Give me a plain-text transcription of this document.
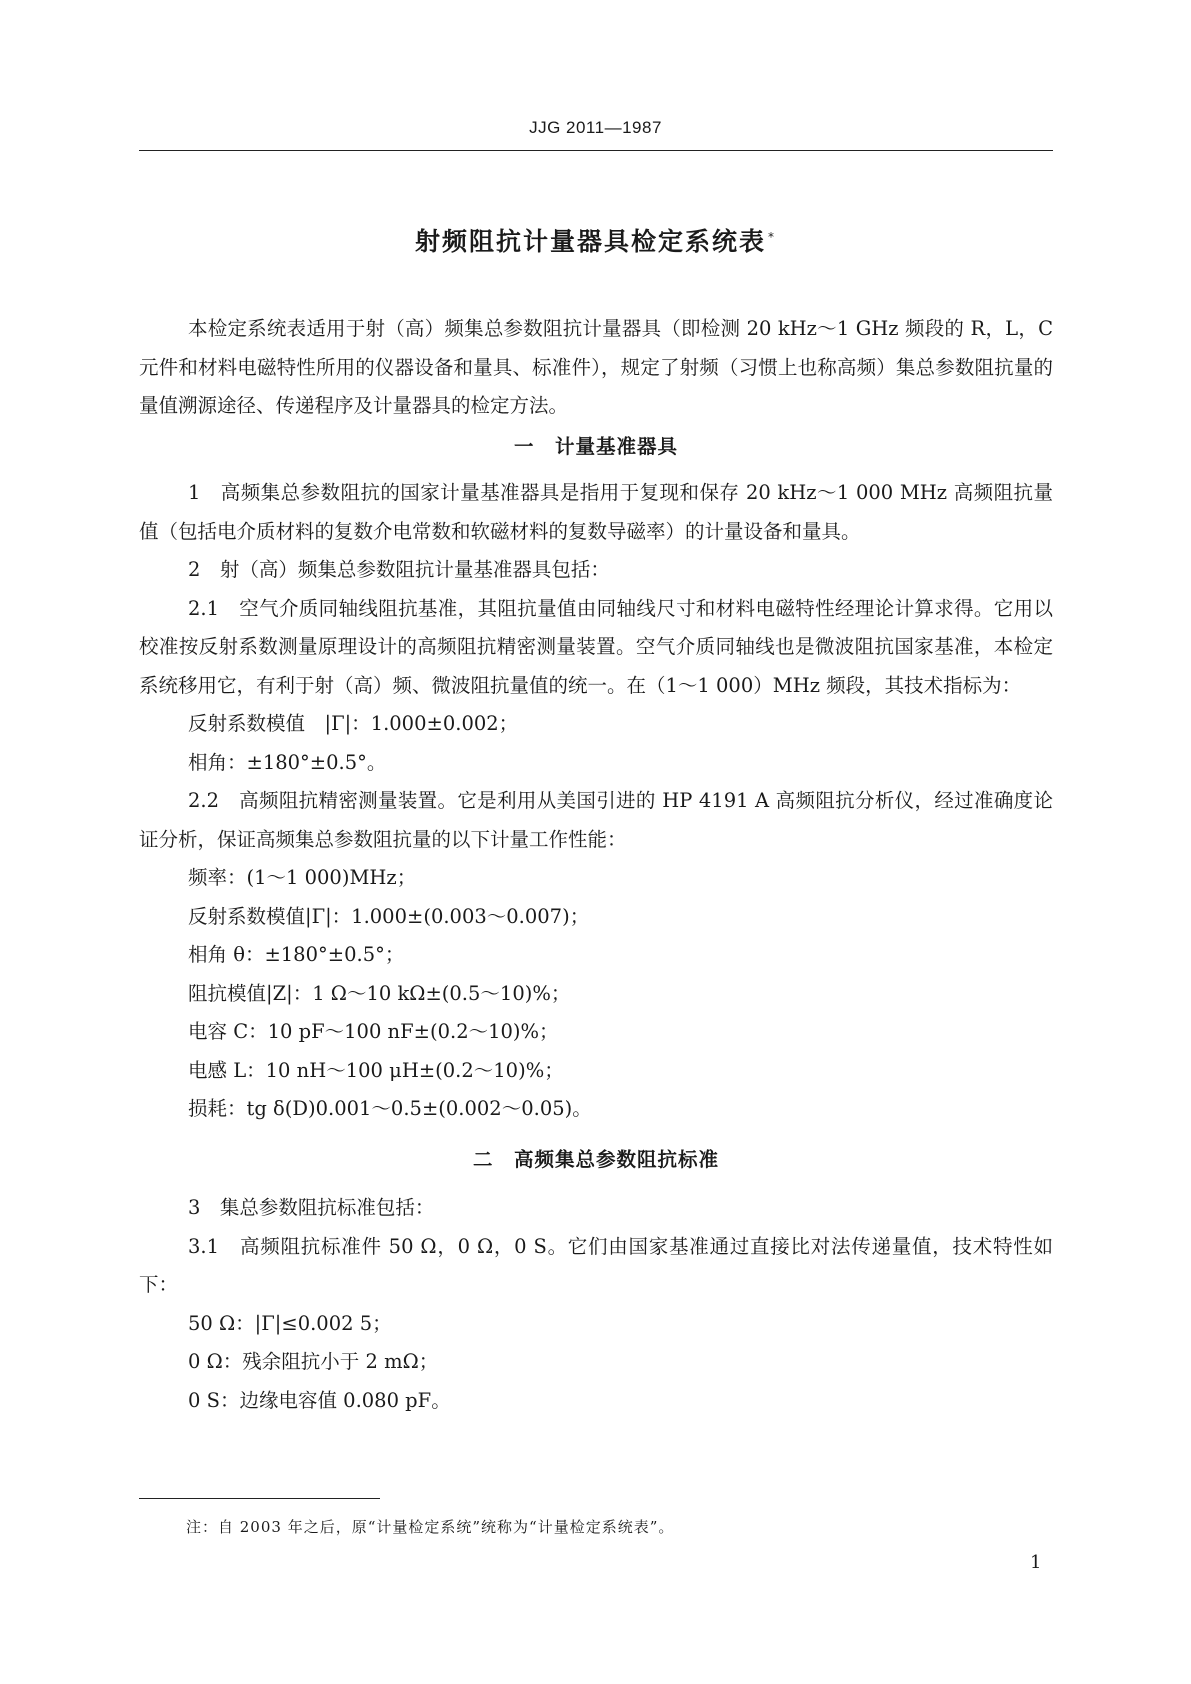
JJG 2011—1987
射频阻抗计量器具检定系统表 *

本检定系统表适用于射（高）频集总参数阻抗计量器具（即检测 20 kHz～1 GHz 频段的 R，L，C 元件和材料电磁特性所用的仪器设备和量具、标准件），规定了射频（习惯上也称高频）集总参数阻抗量的量值溯源途径、传递程序及计量器具的检定方法。

一　计量基准器具

1　高频集总参数阻抗的国家计量基准器具是指用于复现和保存 20 kHz～1 000 MHz 高频阻抗量值（包括电介质材料的复数介电常数和软磁材料的复数导磁率）的计量设备和量具。

2　射（高）频集总参数阻抗计量基准器具包括：

2.1　空气介质同轴线阻抗基准，其阻抗量值由同轴线尺寸和材料电磁特性经理论计算求得。它用以校准按反射系数测量原理设计的高频阻抗精密测量装置。空气介质同轴线也是微波阻抗国家基准，本检定系统移用它，有利于射（高）频、微波阻抗量值的统一。在（1～1 000）MHz 频段，其技术指标为：

反射系数模值　|Γ|：1.000±0.002；

相角：±180°±0.5°。

2.2　高频阻抗精密测量装置。它是利用从美国引进的 HP 4191 A 高频阻抗分析仪，经过准确度论证分析，保证高频集总参数阻抗量的以下计量工作性能：

频率：(1～1 000)MHz；

反射系数模值|Γ|：1.000±(0.003～0.007)；

相角 θ：±180°±0.5°；

阻抗模值|Z|：1 Ω～10 kΩ±(0.5～10)%；

电容 C：10 pF～100 nF±(0.2～10)%；

电感 L：10 nH～100 μH±(0.2～10)%；

损耗：tg δ(D)0.001～0.5±(0.002～0.05)。

二　高频集总参数阻抗标准

3　集总参数阻抗标准包括：

3.1　高频阻抗标准件 50 Ω，0 Ω，0 S。它们由国家基准通过直接比对法传递量值，技术特性如下：

50 Ω：|Γ|≤0.002 5；

0 Ω：残余阻抗小于 2 mΩ；

0 S：边缘电容值 0.080 pF。

注：自 2003 年之后，原“计量检定系统”统称为“计量检定系统表”。
1
